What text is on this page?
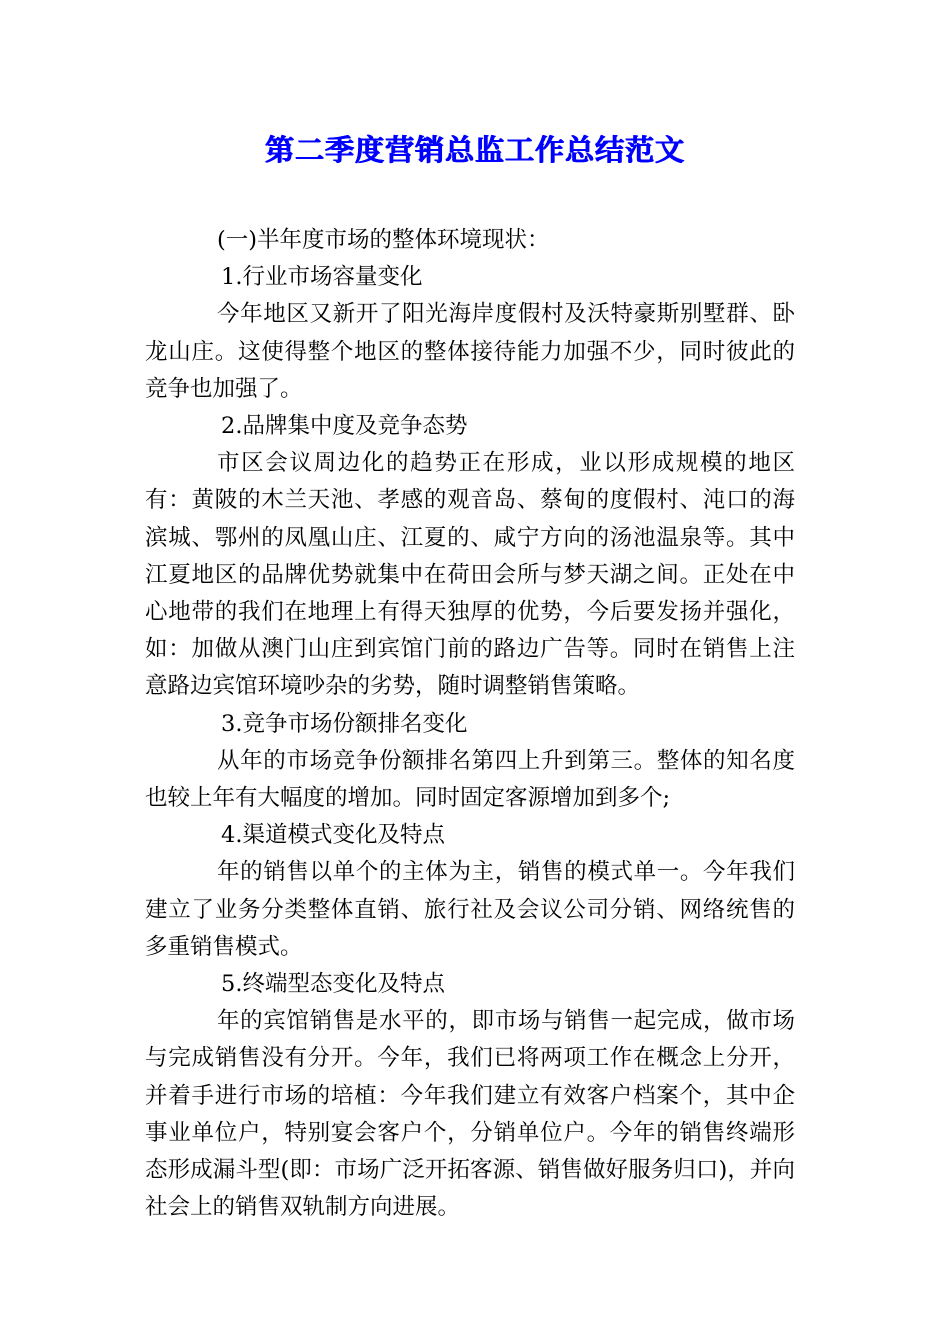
第二季度营销总监工作总结范文

(一)半年度市场的整体环境现状：

1.行业市场容量变化

今年地区又新开了阳光海岸度假村及沃特豪斯别墅群、卧龙山庄。这使得整个地区的整体接待能力加强不少，同时彼此的竞争也加强了。

2.品牌集中度及竞争态势

市区会议周边化的趋势正在形成，业以形成规模的地区有：黄陂的木兰天池、孝感的观音岛、蔡甸的度假村、沌口的海滨城、鄂州的凤凰山庄、江夏的、咸宁方向的汤池温泉等。其中江夏地区的品牌优势就集中在荷田会所与梦天湖之间。正处在中心地带的我们在地理上有得天独厚的优势，今后要发扬并强化，如：加做从澳门山庄到宾馆门前的路边广告等。同时在销售上注意路边宾馆环境吵杂的劣势，随时调整销售策略。

3.竞争市场份额排名变化

从年的市场竞争份额排名第四上升到第三。整体的知名度也较上年有大幅度的增加。同时固定客源增加到多个;

4.渠道模式变化及特点

年的销售以单个的主体为主，销售的模式单一。今年我们建立了业务分类整体直销、旅行社及会议公司分销、网络统售的多重销售模式。

5.终端型态变化及特点

年的宾馆销售是水平的，即市场与销售一起完成，做市场与完成销售没有分开。今年，我们已将两项工作在概念上分开，并着手进行市场的培植：今年我们建立有效客户档案个，其中企事业单位户，特别宴会客户个，分销单位户。今年的销售终端形态形成漏斗型(即：市场广泛开拓客源、销售做好服务归口)，并向社会上的销售双轨制方向进展。
